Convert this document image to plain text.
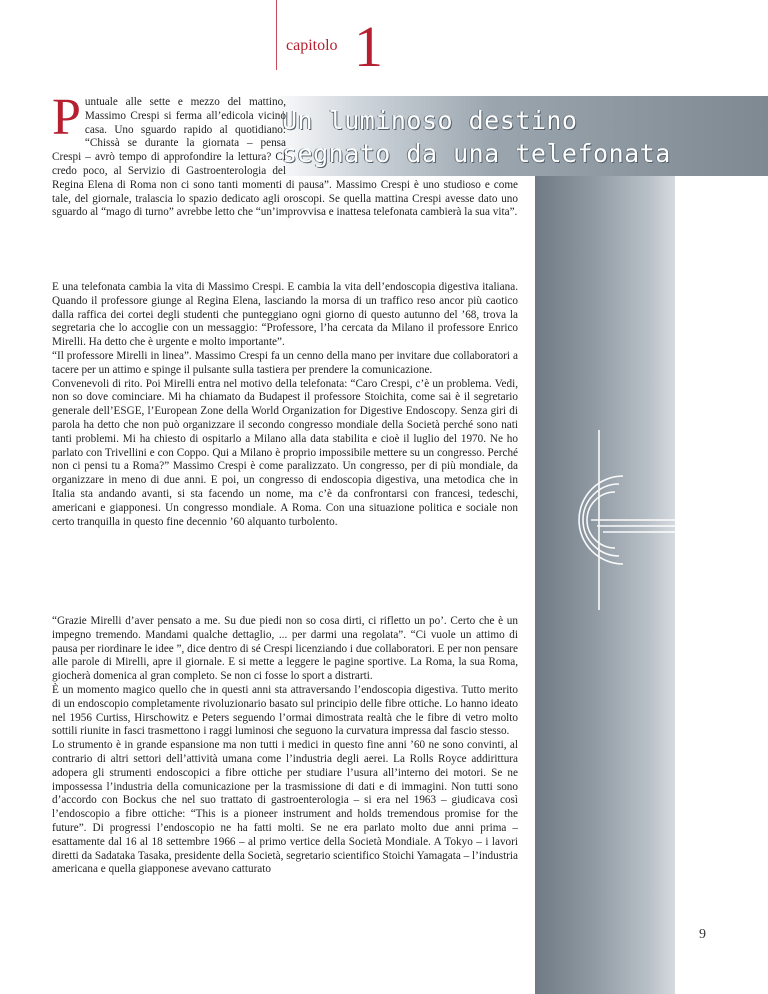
capitolo 1
Un luminoso destino
segnato da una telefonata
P untuale alle sette e mezzo del mattino, Massimo Crespi si ferma all’edicola vicino casa. Uno sguardo rapido al quotidiano: “Chissà se durante la giornata – pensa Crespi – avrò tempo di approfondire la lettura? Ci credo poco, al Servizio di Gastroenterologia del Regina Elena di Roma non ci sono tanti momenti di pausa”. Massimo Crespi è uno studioso e come tale, del giornale, tralascia lo spazio dedicato agli oroscopi. Se quella mattina Crespi avesse dato uno sguardo al “mago di turno” avrebbe letto che “un’improvvisa e inattesa telefonata cambierà la sua vita”.

E una telefonata cambia la vita di Massimo Crespi. E cambia la vita dell’endoscopia digestiva italiana. Quando il professore giunge al Regina Elena, lasciando la morsa di un traffico reso ancor più caotico dalla raffica dei cortei degli studenti che punteggiano ogni giorno di questo autunno del ’68, trova la segretaria che lo accoglie con un messaggio: “Professore, l’ha cercata da Milano il professore Enrico Mirelli. Ha detto che è urgente e molto importante”.

“Il professore Mirelli in linea”. Massimo Crespi fa un cenno della mano per invitare due collaboratori a tacere per un attimo e spinge il pulsante sulla tastiera per prendere la comunicazione.

Convenevoli di rito. Poi Mirelli entra nel motivo della telefonata: “Caro Crespi, c’è un problema. Vedi, non so dove cominciare. Mi ha chiamato da Budapest il professore Stoichita, come sai è il segretario generale dell’ESGE, l’European Zone della World Organization for Digestive Endoscopy. Senza giri di parola ha detto che non può organizzare il secondo congresso mondiale della Società perché sono nati tanti problemi. Mi ha chiesto di ospitarlo a Milano alla data stabilita e cioè il luglio del 1970. Ne ho parlato con Trivellini e con Coppo. Qui a Milano è proprio impossibile mettere su un congresso. Perché non ci pensi tu a Roma?” Massimo Crespi è come paralizzato. Un congresso, per di più mondiale, da organizzare in meno di due anni. E poi, un congresso di endoscopia digestiva, una metodica che in Italia sta andando avanti, si sta facendo un nome, ma c’è da confrontarsi con francesi, tedeschi, americani e giapponesi. Un congresso mondiale. A Roma. Con una situazione politica e sociale non certo tranquilla in questo fine decennio ’60 alquanto turbolento.

“Grazie Mirelli d’aver pensato a me. Su due piedi non so cosa dirti, ci rifletto un po’. Certo che è un impegno tremendo. Mandami qualche dettaglio, ... per darmi una regolata”. “Ci vuole un attimo di pausa per riordinare le idee ”, dice dentro di sé Crespi licenziando i due collaboratori. E per non pensare alle parole di Mirelli, apre il giornale. E si mette a leggere le pagine sportive. La Roma, la sua Roma, giocherà domenica al gran completo. Se non ci fosse lo sport a distrarti.

È un momento magico quello che in questi anni sta attraversando l’endoscopia digestiva. Tutto merito di un endoscopio completamente rivoluzionario basato sul principio delle fibre ottiche. Lo hanno ideato nel 1956 Curtiss, Hirschowitz e Peters seguendo l’ormai dimostrata realtà che le fibre di vetro molto sottili riunite in fasci trasmettono i raggi luminosi che seguono la curvatura impressa dal fascio stesso.

Lo strumento è in grande espansione ma non tutti i medici in questo fine anni ’60 ne sono convinti, al contrario di altri settori dell’attività umana come l’industria degli aerei. La Rolls Royce addirittura adopera gli strumenti endoscopici a fibre ottiche per studiare l’usura all’interno dei motori. Se ne impossessa l’industria della comunicazione per la trasmissione di dati e di immagini. Non tutti sono d’accordo con Bockus che nel suo trattato di gastroenterologia – si era nel 1963 – giudicava così l’endoscopio a fibre ottiche: “This is a pioneer instrument and holds tremendous promise for the future”. Di progressi l’endoscopio ne ha fatti molti. Se ne era parlato molto due anni prima – esattamente dal 16 al 18 settembre 1966 – al primo vertice della Società Mondiale. A Tokyo – i lavori diretti da Sadataka Tasaka, presidente della Società, segretario scientifico Stoichi Yamagata – l’industria americana e quella giapponese avevano catturato

9
